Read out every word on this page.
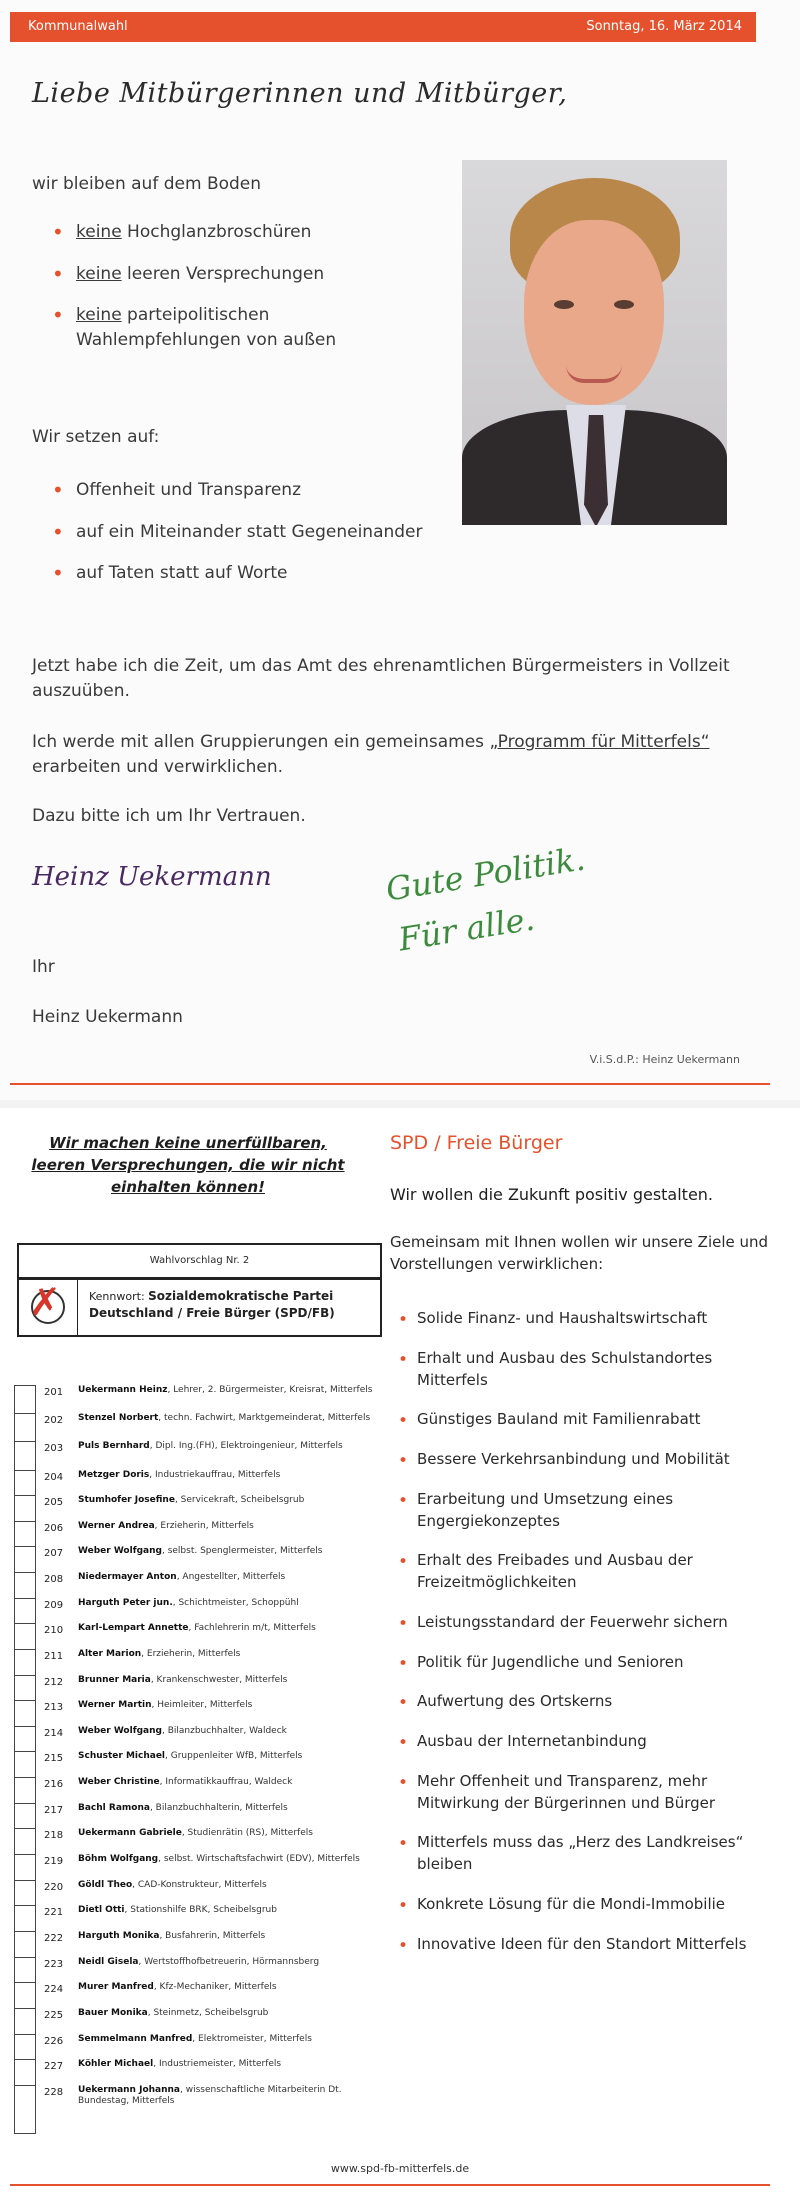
Kommunalwahl	Sonntag, 16. März 2014
Liebe Mitbürgerinnen und Mitbürger,
wir bleiben auf dem Boden
• keine Hochglanzbroschüren
• keine leeren Versprechungen
• keine parteipolitischen Wahlempfehlungen von außen
Wir setzen auf:
• Offenheit und Transparenz
• auf ein Miteinander statt Gegeneinander
• auf Taten statt auf Worte
Jetzt habe ich die Zeit, um das Amt des ehrenamtlichen Bürgermeisters in Vollzeit auszuüben.
Ich werde mit allen Gruppierungen ein gemeinsames „Programm für Mitterfels“ erarbeiten und verwirklichen.
Dazu bitte ich um Ihr Vertrauen.
Heinz Uekermann	Gute Politik.
Für alle.
Ihr
Heinz Uekermann
V.i.S.d.P.: Heinz Uekermann
Wir machen keine unerfüllbaren, leeren Versprechungen, die wir nicht einhalten können!
Wahlvorschlag Nr. 2
✗	Kennwort: Sozialdemokratische Partei Deutschland / Freie Bürger (SPD/FB)
201 Uekermann Heinz, Lehrer, 2. Bürgermeister, Kreisrat, Mitterfels
202 Stenzel Norbert, techn. Fachwirt, Marktgemeinderat, Mitterfels
203 Puls Bernhard, Dipl. Ing.(FH), Elektroingenieur, Mitterfels
204 Metzger Doris, Industriekauffrau, Mitterfels
205 Stumhofer Josefine, Servicekraft, Scheibelsgrub
206 Werner Andrea, Erzieherin, Mitterfels
207 Weber Wolfgang, selbst. Spenglermeister, Mitterfels
208 Niedermayer Anton, Angestellter, Mitterfels
209 Harguth Peter jun., Schichtmeister, Schoppühl
210 Karl-Lempart Annette, Fachlehrerin m/t, Mitterfels
211 Alter Marion, Erzieherin, Mitterfels
212 Brunner Maria, Krankenschwester, Mitterfels
213 Werner Martin, Heimleiter, Mitterfels
214 Weber Wolfgang, Bilanzbuchhalter, Waldeck
215 Schuster Michael, Gruppenleiter WfB, Mitterfels
216 Weber Christine, Informatikkauffrau, Waldeck
217 Bachl Ramona, Bilanzbuchhalterin, Mitterfels
218 Uekermann Gabriele, Studienrätin (RS), Mitterfels
219 Böhm Wolfgang, selbst. Wirtschaftsfachwirt (EDV), Mitterfels
220 Göldl Theo, CAD-Konstrukteur, Mitterfels
221 Dietl Otti, Stationshilfe BRK, Scheibelsgrub
222 Harguth Monika, Busfahrerin, Mitterfels
223 Neidl Gisela, Wertstoffhofbetreuerin, Hörmannsberg
224 Murer Manfred, Kfz-Mechaniker, Mitterfels
225 Bauer Monika, Steinmetz, Scheibelsgrub
226 Semmelmann Manfred, Elektromeister, Mitterfels
227 Köhler Michael, Industriemeister, Mitterfels
228 Uekermann Johanna, wissenschaftliche Mitarbeiterin Dt. Bundestag, Mitterfels
SPD / Freie Bürger
Wir wollen die Zukunft positiv gestalten.
Gemeinsam mit Ihnen wollen wir unsere Ziele und Vorstellungen verwirklichen:
• Solide Finanz- und Haushaltswirtschaft
• Erhalt und Ausbau des Schulstandortes Mitterfels
• Günstiges Bauland mit Familienrabatt
• Bessere Verkehrsanbindung und Mobilität
• Erarbeitung und Umsetzung eines Engergiekonzeptes
• Erhalt des Freibades und Ausbau der Freizeitmöglichkeiten
• Leistungsstandard der Feuerwehr sichern
• Politik für Jugendliche und Senioren
• Aufwertung des Ortskerns
• Ausbau der Internetanbindung
• Mehr Offenheit und Transparenz, mehr Mitwirkung der Bürgerinnen und Bürger
• Mitterfels muss das „Herz des Landkreises“ bleiben
• Konkrete Lösung für die Mondi-Immobilie
• Innovative Ideen für den Standort Mitterfels
www.spd-fb-mitterfels.de
